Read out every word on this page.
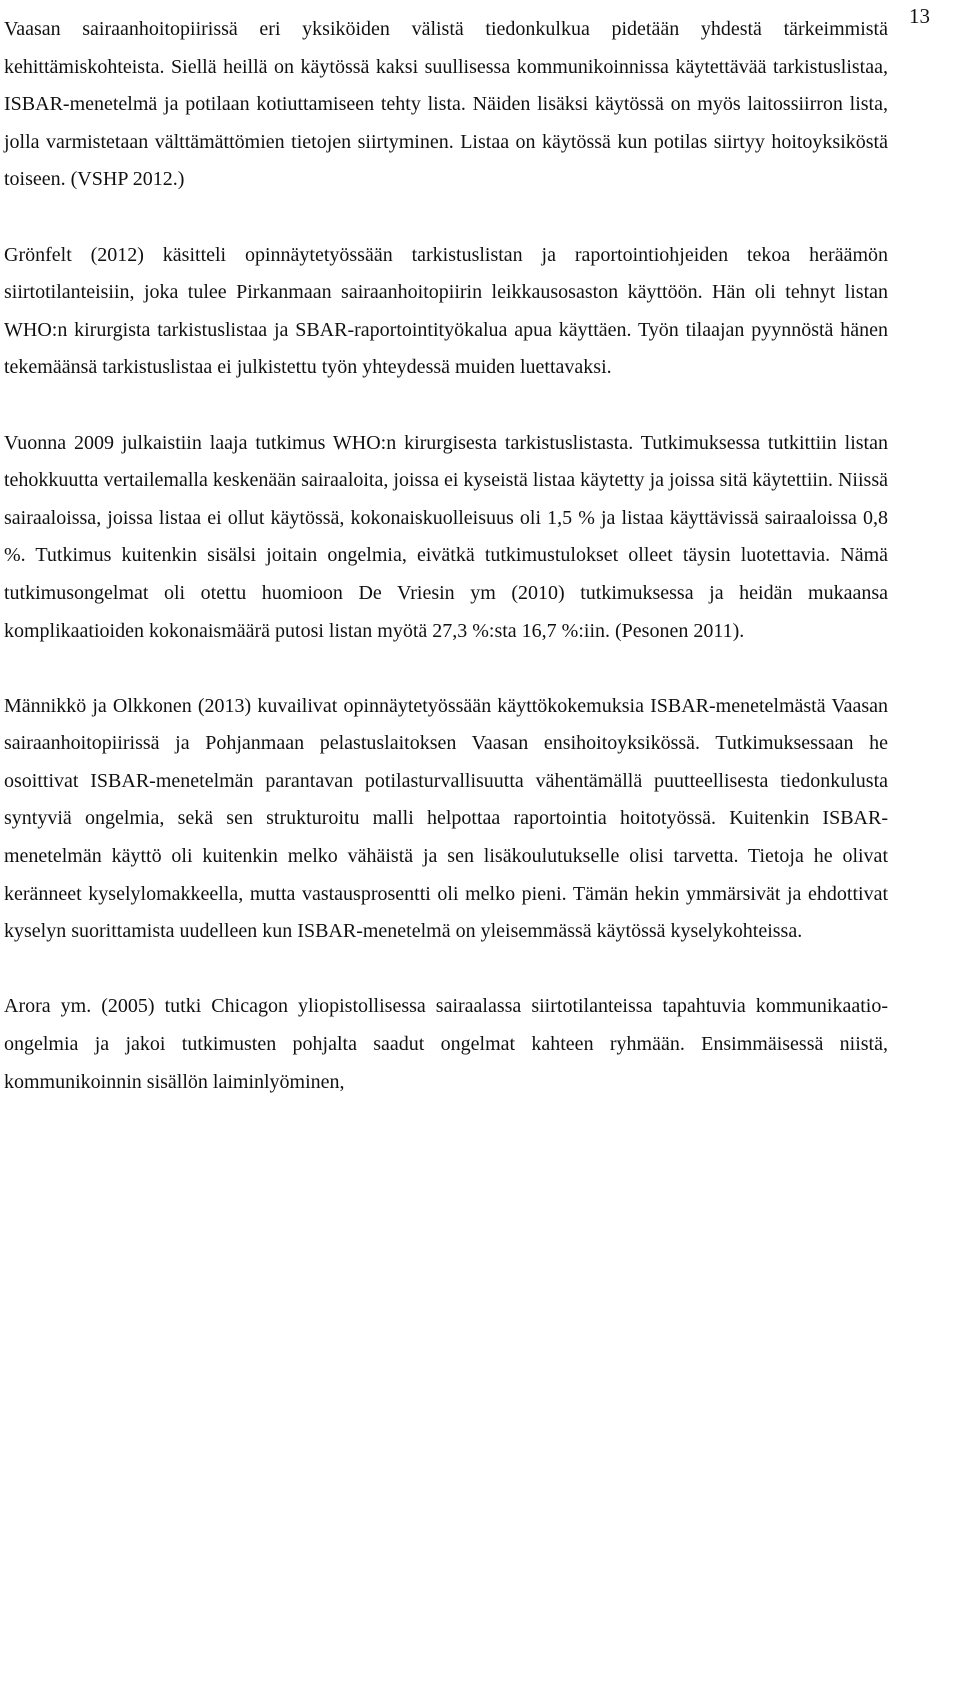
13

Vaasan sairaanhoitopiirissä eri yksiköiden välistä tiedonkulkua pidetään yhdestä tärkeimmistä kehittämiskohteista. Siellä heillä on käytössä kaksi suullisessa kommunikoinnissa käytettävää tarkistuslistaa, ISBAR-menetelmä ja potilaan kotiuttamiseen tehty lista. Näiden lisäksi käytössä on myös laitossiirron lista, jolla varmistetaan välttämättömien tietojen siirtyminen. Listaa on käytössä kun potilas siirtyy hoitoyksiköstä toiseen. (VSHP 2012.)

Grönfelt (2012) käsitteli opinnäytetyössään tarkistuslistan ja raportointiohjeiden tekoa heräämön siirtotilanteisiin, joka tulee Pirkanmaan sairaanhoitopiirin leikkausosaston käyttöön. Hän oli tehnyt listan WHO:n kirurgista tarkistuslistaa ja SBAR-raportointityökalua apua käyttäen. Työn tilaajan pyynnöstä hänen tekemäänsä tarkistuslistaa ei julkistettu työn yhteydessä muiden luettavaksi.

Vuonna 2009 julkaistiin laaja tutkimus WHO:n kirurgisesta tarkistuslistasta. Tutkimuksessa tutkittiin listan tehokkuutta vertailemalla keskenään sairaaloita, joissa ei kyseistä listaa käytetty ja joissa sitä käytettiin. Niissä sairaaloissa, joissa listaa ei ollut käytössä, kokonaiskuolleisuus oli 1,5 % ja listaa käyttävissä sairaaloissa 0,8 %. Tutkimus kuitenkin sisälsi joitain ongelmia, eivätkä tutkimustulokset olleet täysin luotettavia. Nämä tutkimusongelmat oli otettu huomioon De Vriesin ym (2010) tutkimuksessa ja heidän mukaansa komplikaatioiden kokonaismäärä putosi listan myötä 27,3 %:sta 16,7 %:iin. (Pesonen 2011).

Männikkö ja Olkkonen (2013) kuvailivat opinnäytetyössään käyttökokemuksia ISBAR-menetelmästä Vaasan sairaanhoitopiirissä ja Pohjanmaan pelastuslaitoksen Vaasan ensihoitoyksikössä. Tutkimuksessaan he osoittivat ISBAR-menetelmän parantavan potilasturvallisuutta vähentämällä puutteellisesta tiedonkulusta syntyviä ongelmia, sekä sen strukturoitu malli helpottaa raportointia hoitotyössä. Kuitenkin ISBAR-menetelmän käyttö oli kuitenkin melko vähäistä ja sen lisäkoulutukselle olisi tarvetta. Tietoja he olivat keränneet kyselylomakkeella, mutta vastausprosentti oli melko pieni. Tämän hekin ymmärsivät ja ehdottivat kyselyn suorittamista uudelleen kun ISBAR-menetelmä on yleisemmässä käytössä kyselykohteissa.

Arora ym. (2005) tutki Chicagon yliopistollisessa sairaalassa siirtotilanteissa tapahtuvia kommunikaatio-ongelmia ja jakoi tutkimusten pohjalta saadut ongelmat kahteen ryhmään. Ensimmäisessä niistä, kommunikoinnin sisällön laiminlyöminen,
